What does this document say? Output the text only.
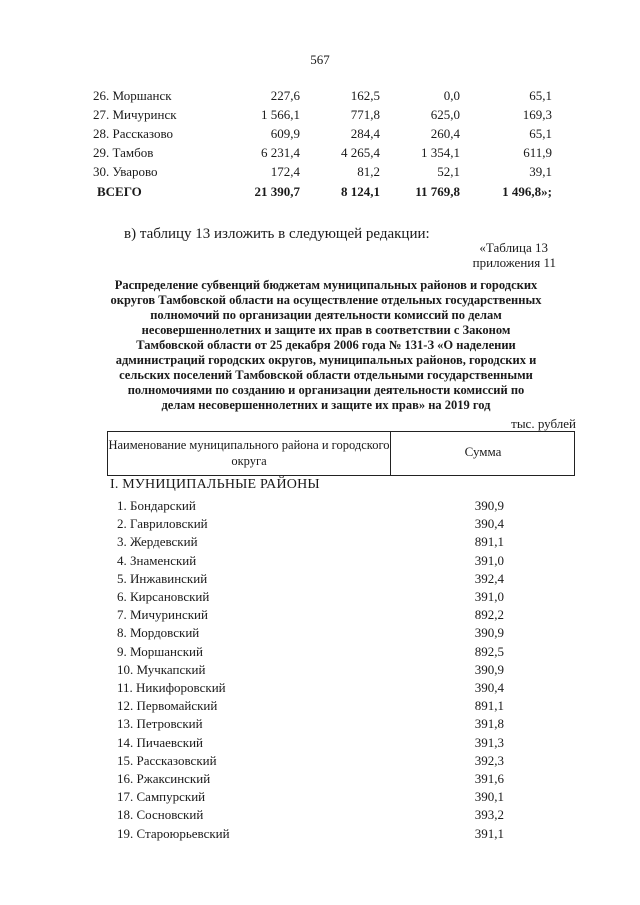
567
26. Моршанск	227,6	162,5	0,0	65,1
27. Мичуринск	1 566,1	771,8	625,0	169,3
28. Рассказово	609,9	284,4	260,4	65,1
29. Тамбов	6 231,4	4 265,4	1 354,1	611,9
30. Уварово	172,4	81,2	52,1	39,1
ВСЕГО	21 390,7	8 124,1	11 769,8	1 496,8»;
в) таблицу 13 изложить в следующей редакции:
«Таблица 13
приложения 11
Распределение субвенций бюджетам муниципальных районов и городских
округов Тамбовской области на осуществление отдельных государственных
полномочий по организации деятельности комиссий по делам
несовершеннолетних и защите их прав в соответствии с Законом
Тамбовской области от 25 декабря 2006 года № 131-З «О наделении
администраций городских округов, муниципальных районов, городских и
сельских поселений Тамбовской области отдельными государственными
полномочиями по созданию и организации деятельности комиссий по
делам несовершеннолетних и защите их прав» на 2019 год
тыс. рублей
Наименование муниципального района и городского округа
Сумма
I. МУНИЦИПАЛЬНЫЕ РАЙОНЫ
1. Бондарский	390,9
2. Гавриловский	390,4
3. Жердевский	891,1
4. Знаменский	391,0
5. Инжавинский	392,4
6. Кирсановский	391,0
7. Мичуринский	892,2
8. Мордовский	390,9
9. Моршанский	892,5
10. Мучкапский	390,9
11. Никифоровский	390,4
12. Первомайский	891,1
13. Петровский	391,8
14. Пичаевский	391,3
15. Рассказовский	392,3
16. Ржаксинский	391,6
17. Сампурский	390,1
18. Сосновский	393,2
19. Староюрьевский	391,1
